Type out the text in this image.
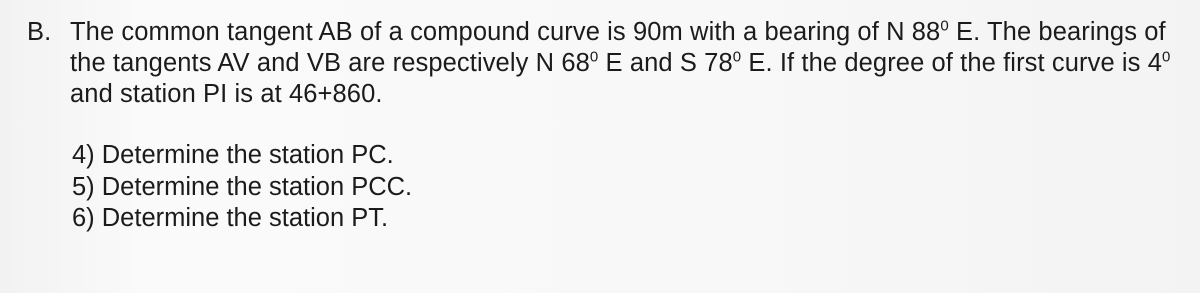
B. The common tangent AB of a compound curve is 90m with a bearing of N $88^0$ E. The bearings of the tangents AV and VB are respectively N $68^0$ E and S $78^0$ E. If the degree of the first curve is $4^0$ and station PI is at 46+860.
4) Determine the station PC.
5) Determine the station PCC.
6) Determine the station PT.
